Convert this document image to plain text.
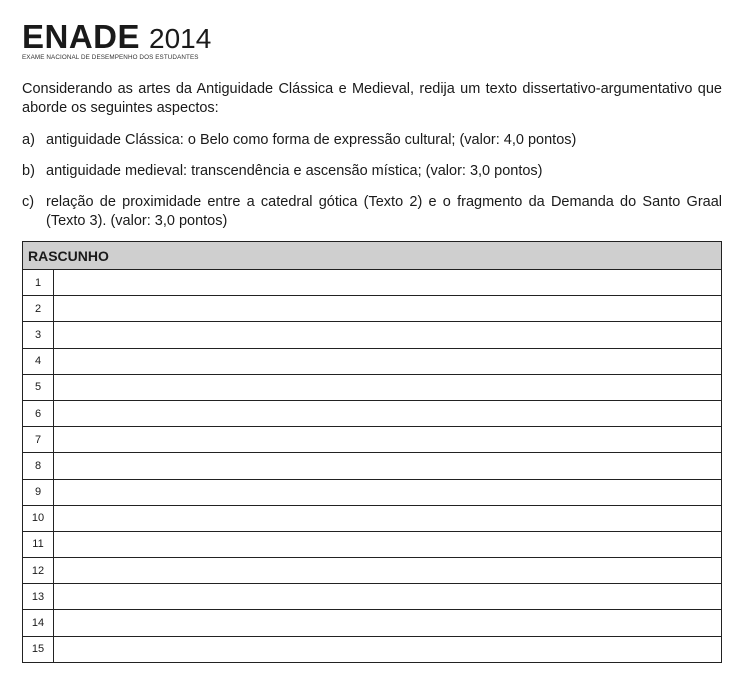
ENADE 2014
EXAME NACIONAL DE DESEMPENHO DOS ESTUDANTES
Considerando as artes da Antiguidade Clássica e Medieval, redija um texto dissertativo-argumentativo que aborde os seguintes aspectos:
a) antiguidade Clássica: o Belo como forma de expressão cultural; (valor: 4,0 pontos)
b) antiguidade medieval: transcendência e ascensão mística; (valor: 3,0 pontos)
c) relação de proximidade entre a catedral gótica (Texto 2) e o fragmento da Demanda do Santo Graal (Texto 3). (valor: 3,0 pontos)
RASCUNHO
1
2
3
4
5
6
7
8
9
10
11
12
13
14
15
